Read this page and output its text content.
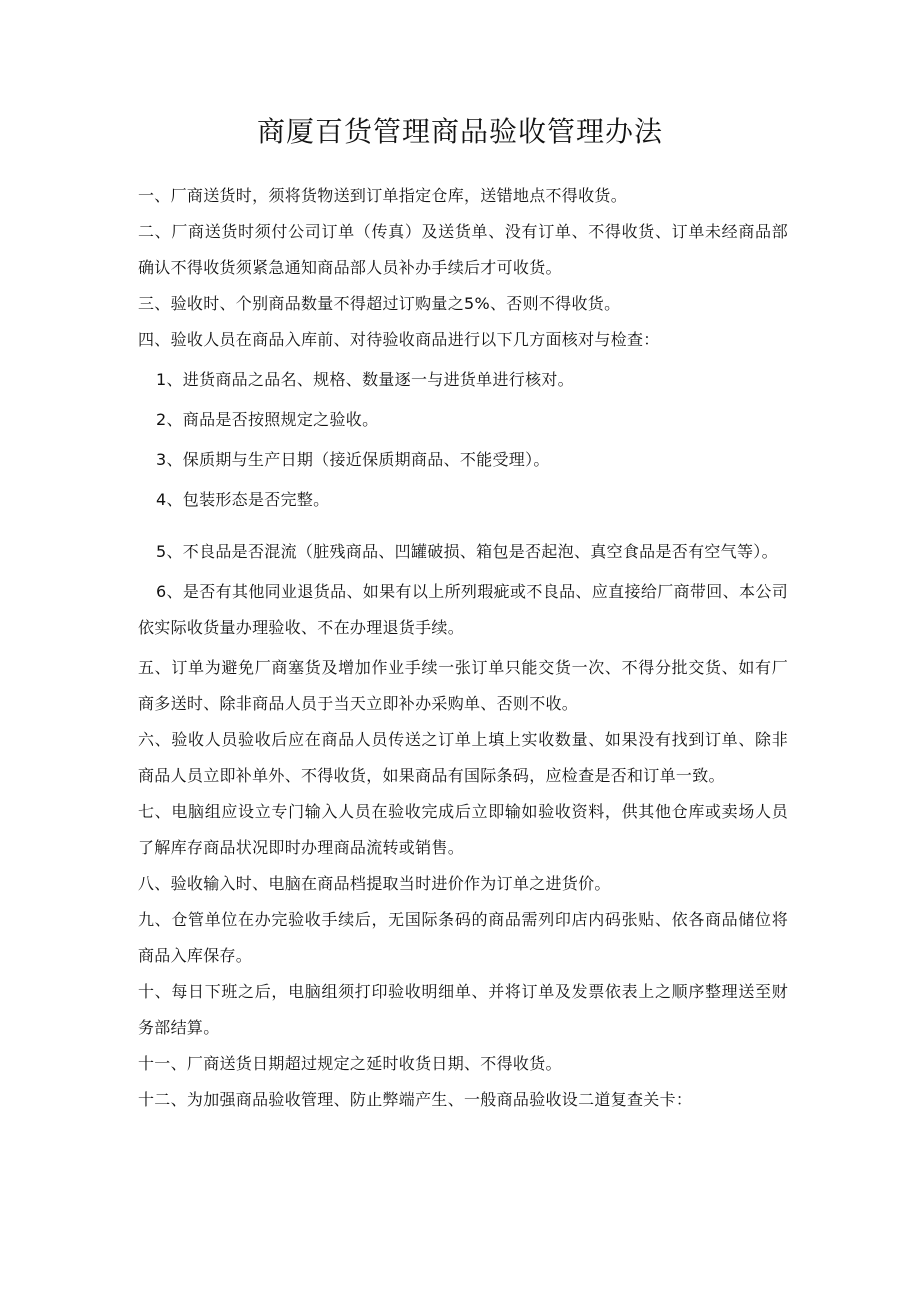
商厦百货管理商品验收管理办法

一、厂商送货时，须将货物送到订单指定仓库，送错地点不得收货。

二、厂商送货时须付公司订单（传真）及送货单、没有订单、不得收货、订单未经商品部确认不得收货须紧急通知商品部人员补办手续后才可收货。

三、验收时、个别商品数量不得超过订购量之5%、否则不得收货。

四、验收人员在商品入库前、对待验收商品进行以下几方面核对与检查：

1、进货商品之品名、规格、数量逐一与进货单进行核对。

2、商品是否按照规定之验收。

3、保质期与生产日期（接近保质期商品、不能受理）。

4、包装形态是否完整。

5、不良品是否混流（脏残商品、凹罐破损、箱包是否起泡、真空食品是否有空气等）。

6、是否有其他同业退货品、如果有以上所列瑕疵或不良品、应直接给厂商带回、本公司依实际收货量办理验收、不在办理退货手续。

五、订单为避免厂商塞货及增加作业手续一张订单只能交货一次、不得分批交货、如有厂商多送时、除非商品人员于当天立即补办采购单、否则不收。

六、验收人员验收后应在商品人员传送之订单上填上实收数量、如果没有找到订单、除非商品人员立即补单外、不得收货，如果商品有国际条码，应检查是否和订单一致。

七、电脑组应设立专门输入人员在验收完成后立即输如验收资料，供其他仓库或卖场人员了解库存商品状况即时办理商品流转或销售。

八、验收输入时、电脑在商品档提取当时进价作为订单之进货价。

九、仓管单位在办完验收手续后，无国际条码的商品需列印店内码张贴、依各商品储位将商品入库保存。

十、每日下班之后，电脑组须打印验收明细单、并将订单及发票依表上之顺序整理送至财务部结算。

十一、厂商送货日期超过规定之延时收货日期、不得收货。

十二、为加强商品验收管理、防止弊端产生、一般商品验收设二道复查关卡：
